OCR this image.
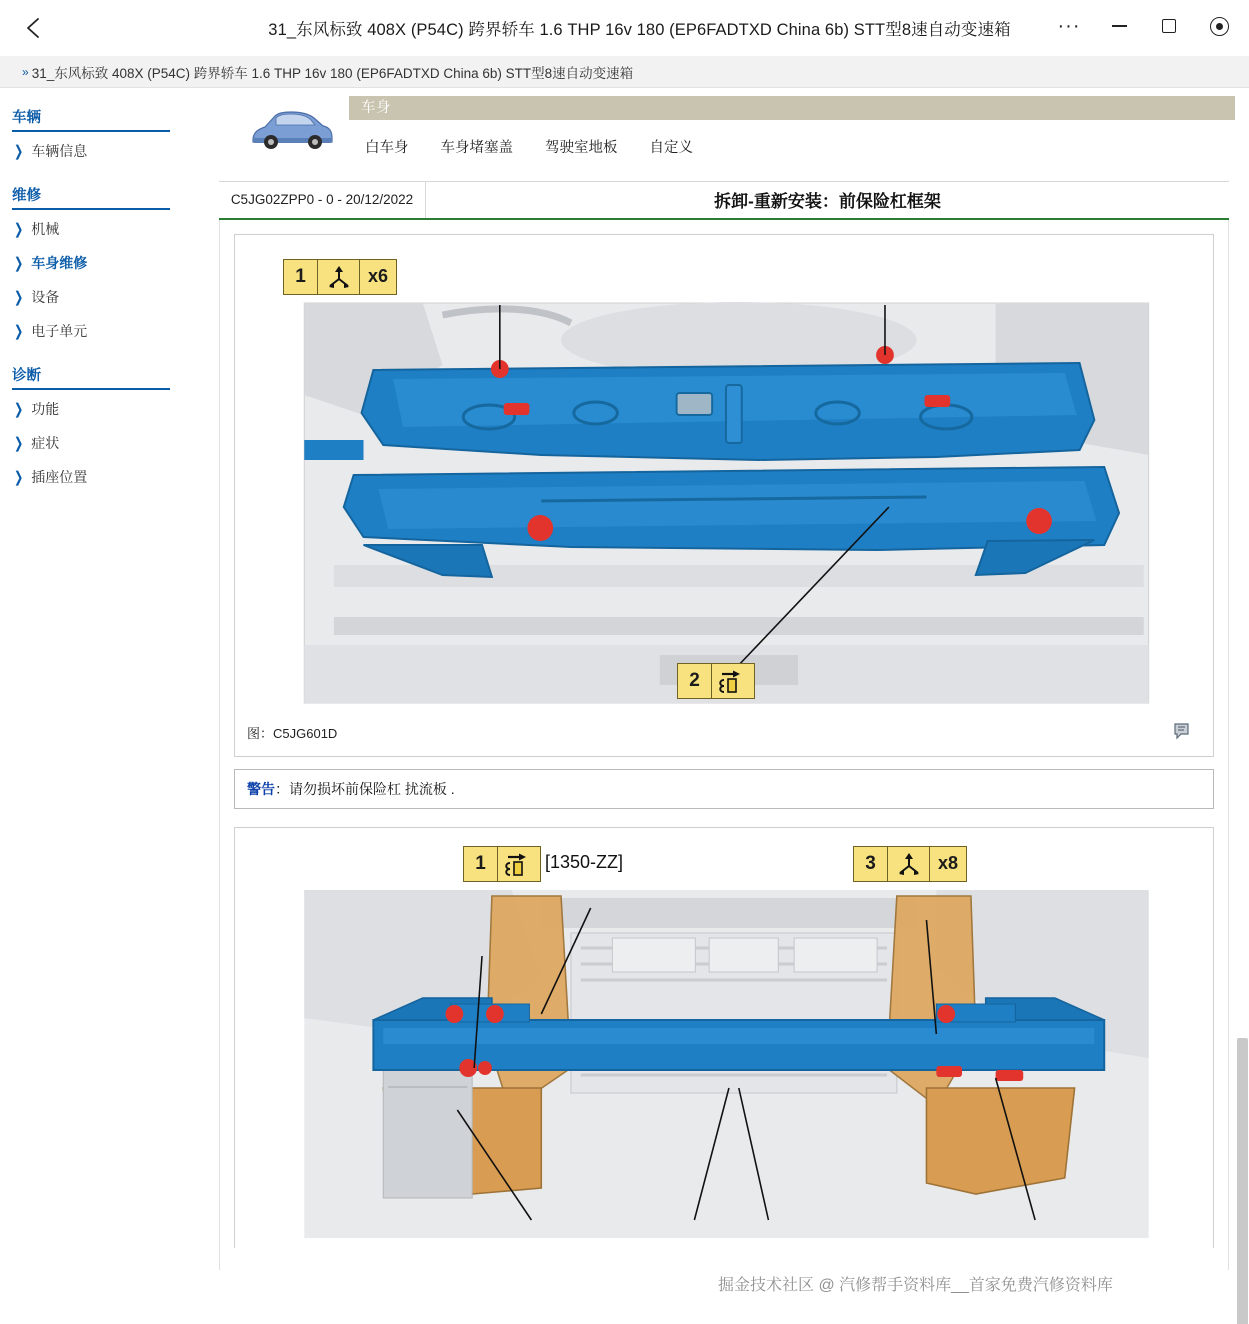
31_东风标致 408X (P54C) 跨界轿车 1.6 THP 16v 180 (EP6FADTXD China 6b) STT型8速自动变速箱	···
» 31_东风标致 408X (P54C) 跨界轿车 1.6 THP 16v 180 (EP6FADTXD China 6b) STT型8速自动变速箱
车辆
❯ 车辆信息
维修
❯ 机械
❯ 车身维修
❯ 设备
❯ 电子单元
诊断
❯ 功能
❯ 症状
❯ 插座位置
车身
白车身	车身堵塞盖	驾驶室地板	自定义
C5JG02ZPP0 - 0 - 20/12/2022	拆卸-重新安装：前保险杠框架
1	x6
2
图：C5JG601D
警告：请勿损坏前保险杠 扰流板 .
1	[1350-ZZ]	3	x8
掘金技术社区 @ 汽修帮手资料库__首家免费汽修资料库
